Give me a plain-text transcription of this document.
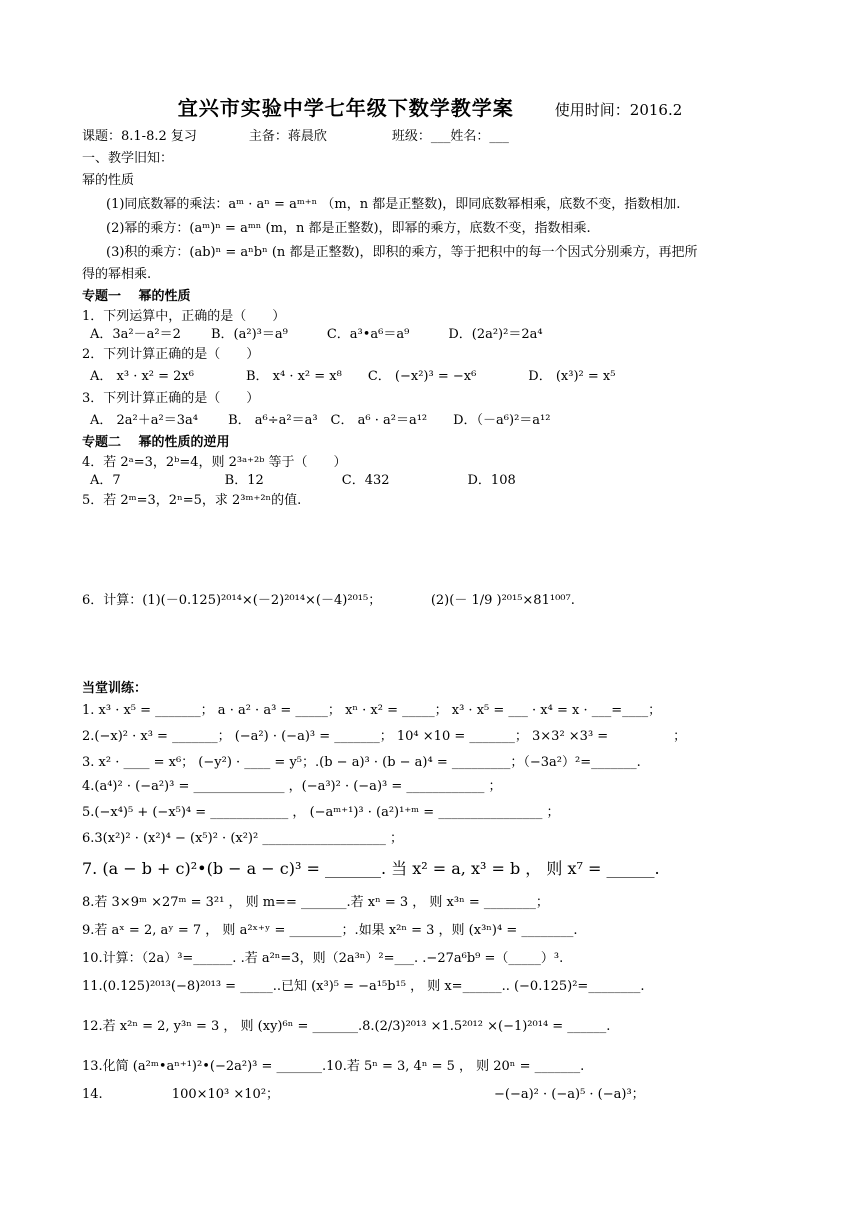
宜兴市实验中学七年级下数学教学案	使用时间：2016.2
课题：8.1-8.2 复习　　　　主备：蒋晨欣　　　　　班级：___姓名：___
一、教学旧知：
幂的性质
(1)同底数幂的乘法：aᵐ · aⁿ = aᵐ⁺ⁿ （m，n 都是正整数)，即同底数幂相乘，底数不变，指数相加.
(2)幂的乘方：(aᵐ)ⁿ = aᵐⁿ (m，n 都是正整数)，即幂的乘方，底数不变，指数相乘.
(3)积的乘方：(ab)ⁿ = aⁿbⁿ (n 都是正整数)，即积的乘方，等于把积中的每一个因式分别乘方，再把所
得的幂相乘.
专题一　 幂的性质
1．下列运算中，正确的是（　　）
A．3a²－a²＝2　　 B．(a²)³＝a⁹　　　C．a³•a⁶＝a⁹　　　D．(2a²)²＝2a⁴
2．下列计算正确的是（　　）
A． x³ · x² = 2x⁶　　　　B． x⁴ · x² = x⁸　　C． (−x²)³ = −x⁶　　　　D． (x³)² = x⁵
3．下列计算正确的是（　　）
A． 2a²＋a²＝3a⁴　　 B． a⁶÷a²＝a³　C． a⁶ · a²＝a¹²　　D．（－a⁶)²＝a¹²
专题二　 幂的性质的逆用
4．若 2ᵃ=3，2ᵇ=4，则 2³ᵃ⁺²ᵇ 等于（　　）
A．7　　　　　　　　B．12　　　　　　C．432　　　　　　D．108
5．若 2ᵐ=3，2ⁿ=5，求 2³ᵐ⁺²ⁿ的值.
6．计算：(1)(－0.125)²⁰¹⁴×(－2)²⁰¹⁴×(－4)²⁰¹⁵；　　　　 (2)(－ 1/9 )²⁰¹⁵×81¹⁰⁰⁷.
当堂训练：
1. x³ · x⁵ = _______； a · a² · a³ = _____； xⁿ · x² = _____； x³ · x⁵ = ___ · x⁴ = x · ___=____；
2.(−x)² · x³ = _______； (−a²) · (−a)³ = _______； 10⁴ ×10 = _______； 3×3² ×3³ =　　　　　；
3. x² · ____ = x⁶； (−y²) · ____ = y⁵；.(b − a)³ · (b − a)⁴ = _________；（−3a²）²=_______.
4.(a⁴)² · (−a²)³ = ______________ ，(−a³)² · (−a)³ = ____________ ；
5.(−x⁴)⁵ + (−x⁵)⁴ = ____________ ， (−aᵐ⁺¹)³ · (a²)¹⁺ᵐ = ________________ ；
6.3(x²)² · (x²)⁴ − (x⁵)² · (x²)² ___________________ ；
7. (a − b + c)²•(b − a − c)³ = _______. 当 x² = a, x³ = b ， 则 x⁷ = ______.
8.若 3×9ᵐ ×27ᵐ = 3²¹ ， 则 m== _______.若 xⁿ = 3 ， 则 x³ⁿ = ________；
9.若 aˣ = 2, aʸ = 7 ， 则 a²ˣ⁺ʸ = ________；.如果 x²ⁿ = 3 ，则 (x³ⁿ)⁴ = ________.
10.计算：（2a）³=______. .若 a²ⁿ=3，则（2a³ⁿ）²=___. .−27a⁶b⁹ =（_____）³.
11.(0.125)²⁰¹³(−8)²⁰¹³ = _____..已知 (x³)⁵ = −a¹⁵b¹⁵ ， 则 x=______.. (−0.125)²=________.
12.若 x²ⁿ = 2, y³ⁿ = 3 ， 则 (xy)⁶ⁿ = _______.8.(2/3)²⁰¹³ ×1.5²⁰¹² ×(−1)²⁰¹⁴ = ______.
13.化简 (a²ᵐ•aⁿ⁺¹)²•(−2a²)³ = _______.10.若 5ⁿ = 3, 4ⁿ = 5 ， 则 20ⁿ = _______.
14.　　　　　 100×10³ ×10²；	−(−a)² · (−a)⁵ · (−a)³；
